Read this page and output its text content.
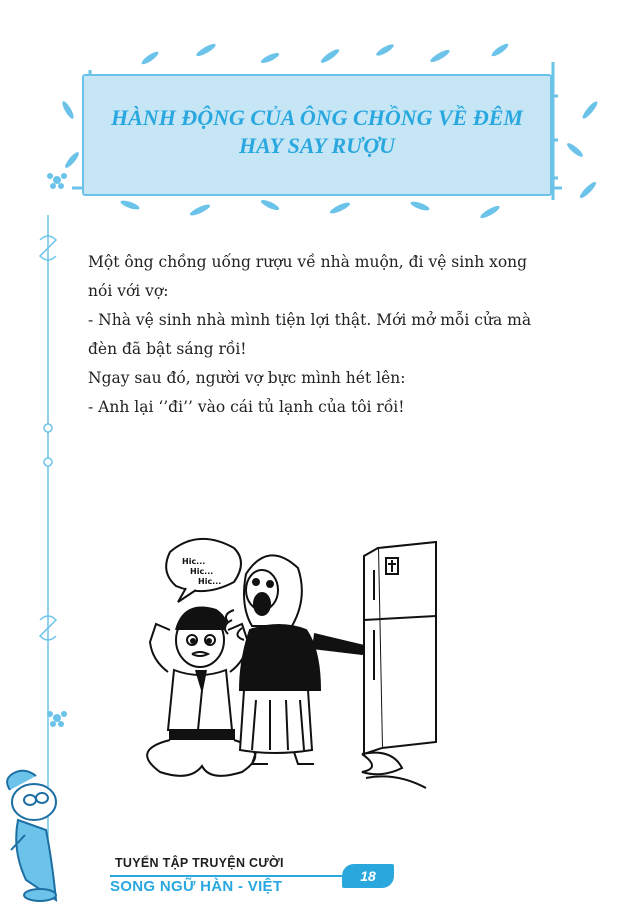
HÀNH ĐỘNG CỦA ÔNG CHỒNG VỀ ĐÊM
HAY SAY RƯỢU

Một ông chồng uống rượu về nhà muộn, đi vệ sinh xong

nói với vợ:

- Nhà vệ sinh nhà mình tiện lợi thật. Mới mở mỗi cửa mà

đèn đã bật sáng rồi!

Ngay sau đó, người vợ bực mình hét lên:

- Anh lại ‘’đi’’ vào cái tủ lạnh của tôi rồi!

Hic...
Hic...
Hic...
TUYỂN TẬP TRUYỆN CƯỜI
SONG NGỮ HÀN - VIỆT
18
